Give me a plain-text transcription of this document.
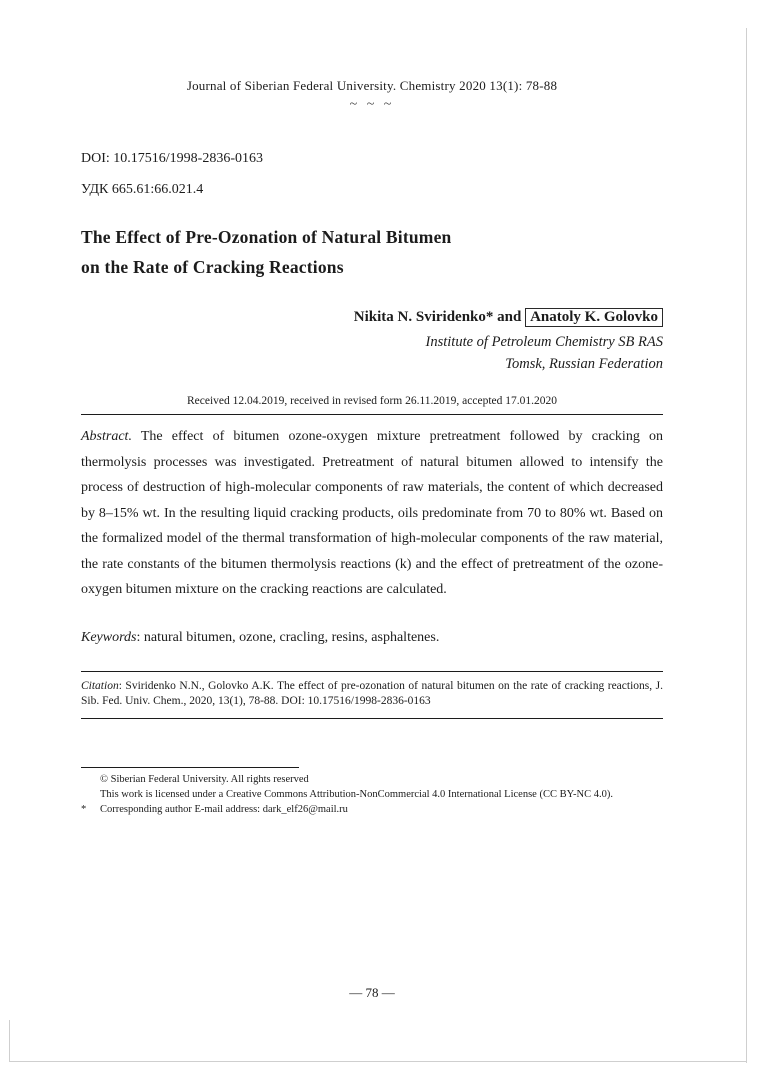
Journal of Siberian Federal University. Chemistry 2020 13(1): 78-88
~ ~ ~
DOI: 10.17516/1998-2836-0163
УДК 665.61:66.021.4
The Effect of Pre-Ozonation of Natural Bitumen
on the Rate of Cracking Reactions
Nikita N. Sviridenko* and Anatoly K. Golovko
Institute of Petroleum Chemistry SB RAS
Tomsk, Russian Federation
Received 12.04.2019, received in revised form 26.11.2019, accepted 17.01.2020

Abstract. The effect of bitumen ozone-oxygen mixture pretreatment followed by cracking on thermolysis processes was investigated. Pretreatment of natural bitumen allowed to intensify the process of destruction of high-molecular components of raw materials, the content of which decreased by 8–15% wt. In the resulting liquid cracking products, oils predominate from 70 to 80% wt. Based on the formalized model of the thermal transformation of high-molecular components of the raw material, the rate constants of the bitumen thermolysis reactions (k) and the effect of pretreatment of the ozone-oxygen bitumen mixture on the cracking reactions are calculated.

Keywords: natural bitumen, ozone, cracling, resins, asphaltenes.

Citation: Sviridenko N.N., Golovko A.K. The effect of pre-ozonation of natural bitumen on the rate of cracking reactions, J. Sib. Fed. Univ. Chem., 2020, 13(1), 78-88. DOI: 10.17516/1998-2836-0163

© Siberian Federal University. All rights reserved

This work is licensed under a Creative Commons Attribution-NonCommercial 4.0 International License (CC BY-NC 4.0).

* Corresponding author E-mail address: dark_elf26@mail.ru

— 78 —
